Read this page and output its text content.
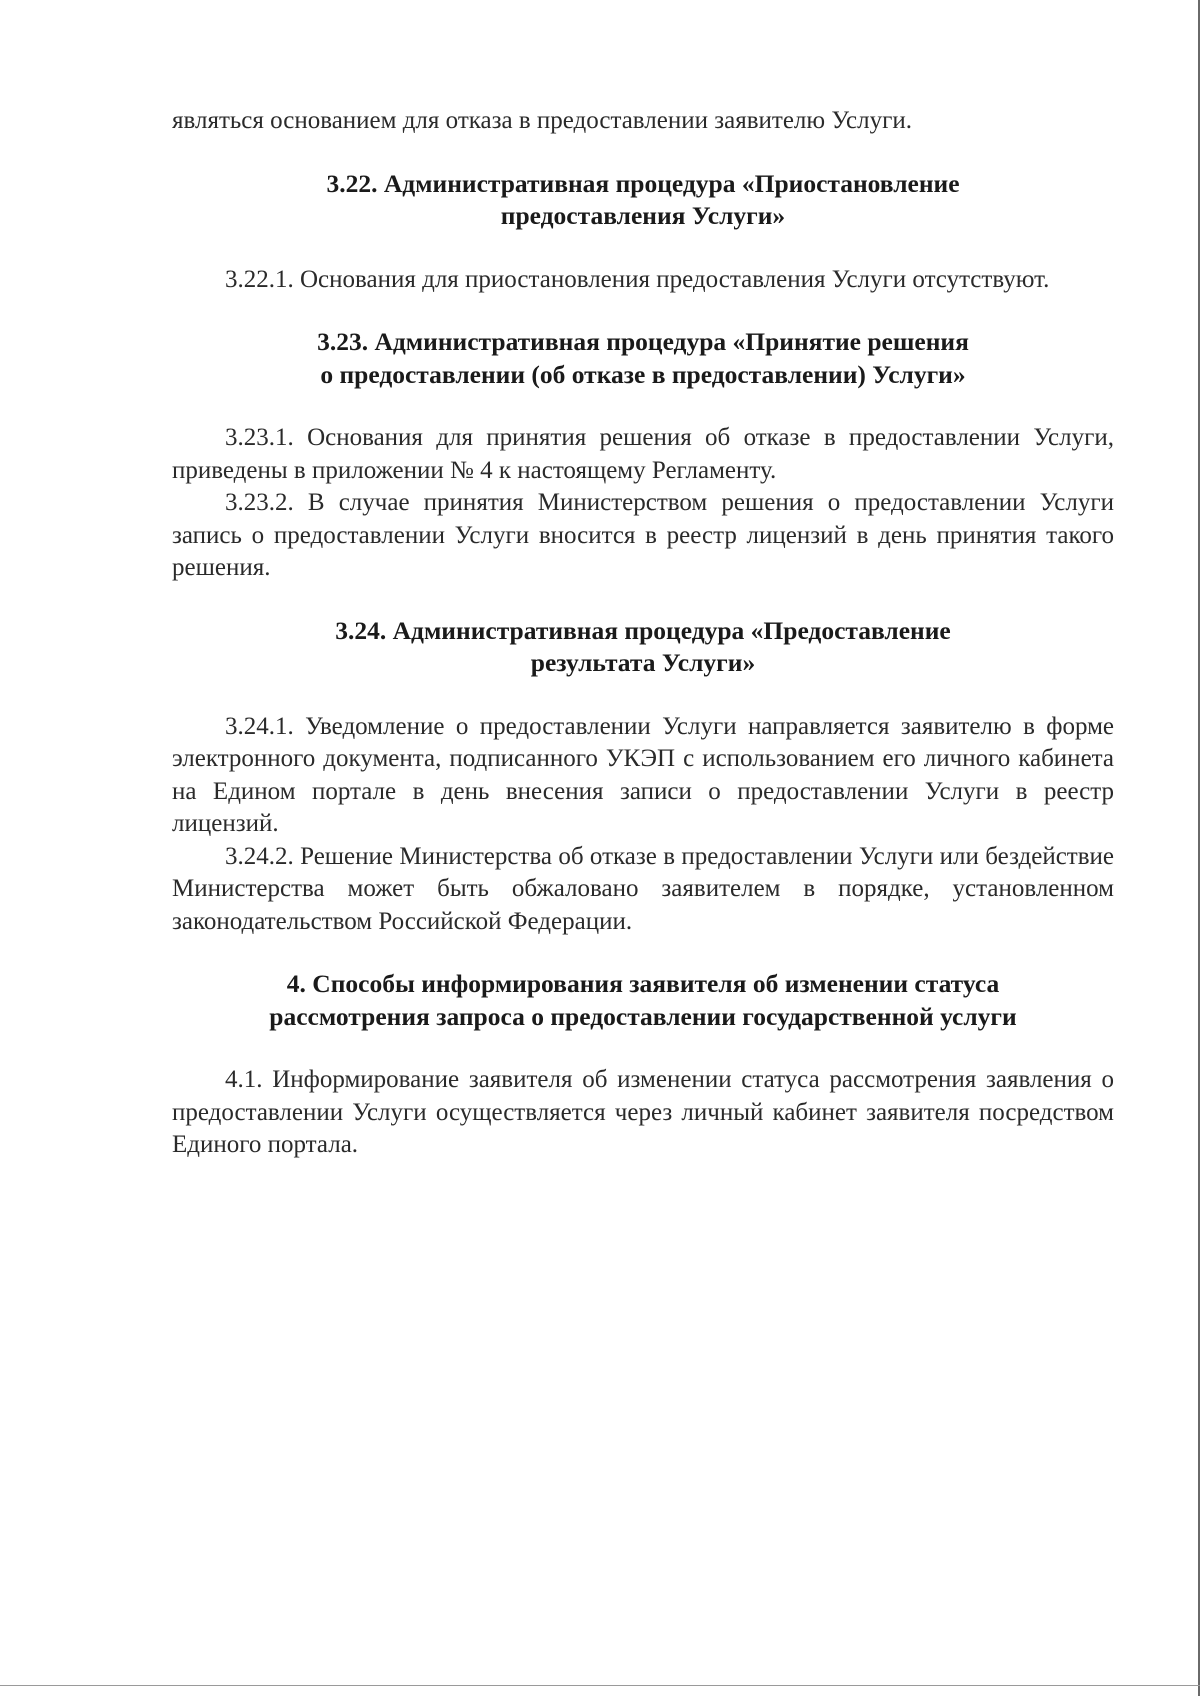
являться основанием для отказа в предоставлении заявителю Услуги.

3.22. Административная процедура «Приостановление
предоставления Услуги»

3.22.1. Основания для приостановления предоставления Услуги отсутствуют.

3.23. Административная процедура «Принятие решения
о предоставлении (об отказе в предоставлении) Услуги»

3.23.1. Основания для принятия решения об отказе в предоставлении Услуги, приведены в приложении № 4 к настоящему Регламенту.

3.23.2. В случае принятия Министерством решения о предоставлении Услуги запись о предоставлении Услуги вносится в реестр лицензий в день принятия такого решения.

3.24. Административная процедура «Предоставление
результата Услуги»

3.24.1. Уведомление о предоставлении Услуги направляется заявителю в форме электронного документа, подписанного УКЭП с использованием его личного кабинета на Едином портале в день внесения записи о предоставлении Услуги в реестр лицензий.

3.24.2. Решение Министерства об отказе в предоставлении Услуги или бездействие Министерства может быть обжаловано заявителем в порядке, установленном законодательством Российской Федерации.

4. Способы информирования заявителя об изменении статуса
рассмотрения запроса о предоставлении государственной услуги

4.1. Информирование заявителя об изменении статуса рассмотрения заявления о предоставлении Услуги осуществляется через личный кабинет заявителя посредством Единого портала.
